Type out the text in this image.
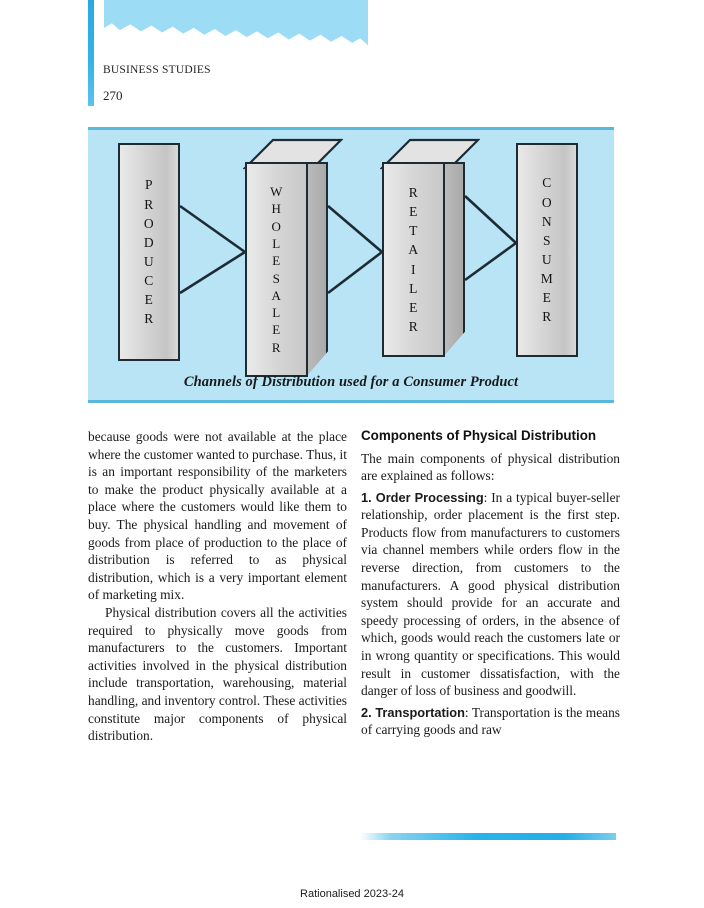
BUSINESS STUDIES
270
P
R
O
D
U
C
E
R
W
H
O
L
E
S
A
L
E
R
R
E
T
A
I
L
E
R
C
O
N
S
U
M
E
R
Channels of Distribution used for a Consumer Product

because goods were not available at the place where the customer wanted to purchase. Thus, it is an important responsibility of the marketers to make the product physically available at a place where the customers would like them to buy. The physical handling and movement of goods from place of production to the place of distribution is referred to as physical distribution, which is a very important element of marketing mix.

Physical distribution covers all the activities required to physically move goods from manufacturers to the customers. Important activities involved in the physical distribution include transportation, warehousing, material handling, and inventory control. These activities constitute major components of physical distribution.

Components of Physical Distribution

The main components of physical distribution are explained as follows:

1. Order Processing: In a typical buyer-seller relationship, order placement is the first step. Products flow from manufacturers to customers via channel members while orders flow in the reverse direction, from customers to the manufacturers. A good physical distribution system should provide for an accurate and speedy processing of orders, in the absence of which, goods would reach the customers late or in wrong quantity or specifications. This would result in customer dissatisfaction, with the danger of loss of business and goodwill.

2. Transportation: Transportation is the means of carrying goods and raw

Rationalised 2023-24
